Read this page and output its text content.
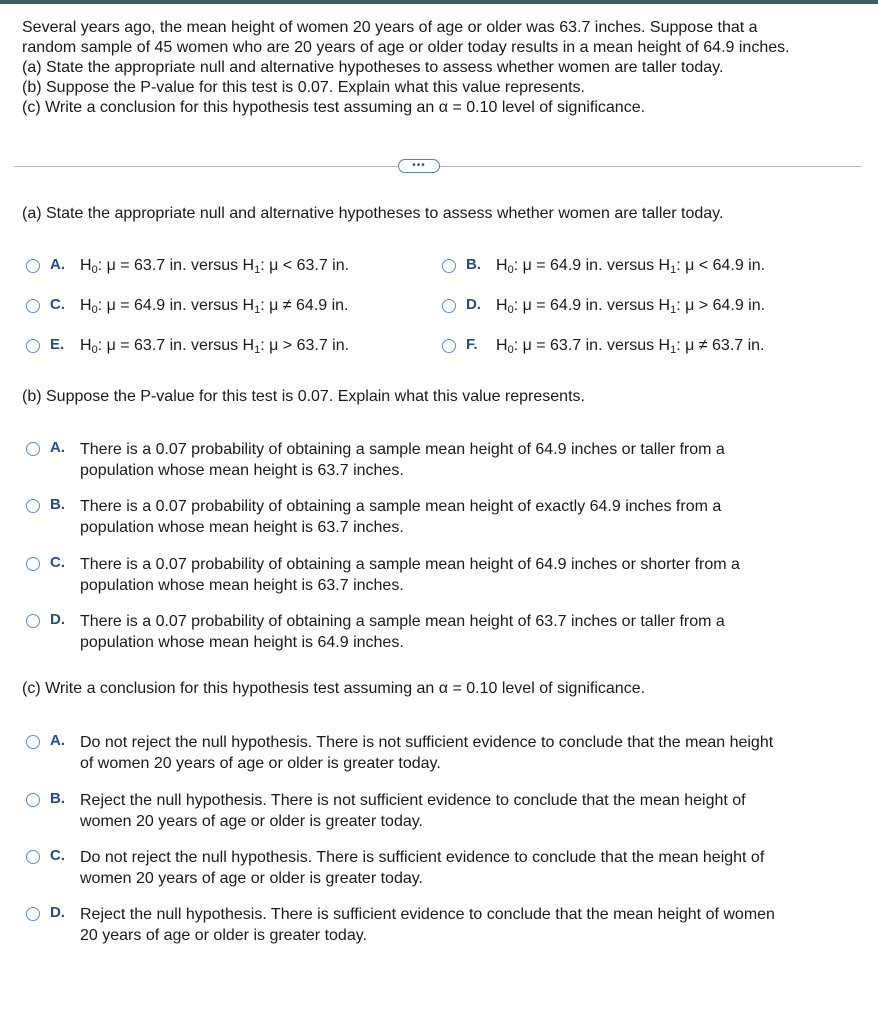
Several years ago, the mean height of women 20 years of age or older was 63.7 inches. Suppose that a
random sample of 45 women who are 20 years of age or older today results in a mean height of 64.9 inches.
(a) State the appropriate null and alternative hypotheses to assess whether women are taller today.
(b) Suppose the P-value for this test is 0.07. Explain what this value represents.
(c) Write a conclusion for this hypothesis test assuming an α = 0.10 level of significance.
•••
(a) State the appropriate null and alternative hypotheses to assess whether women are taller today.
A. $H_0$: μ = 63.7 in. versus $H_1$: μ < 63.7 in.	B. $H_0$: μ = 64.9 in. versus $H_1$: μ < 64.9 in.
C. $H_0$: μ = 64.9 in. versus $H_1$: μ ≠ 64.9 in.	D. $H_0$: μ = 64.9 in. versus $H_1$: μ > 64.9 in.
E. $H_0$: μ = 63.7 in. versus $H_1$: μ > 63.7 in.	F.	$H_0$: μ = 63.7 in. versus $H_1$: μ ≠ 63.7 in.
(b) Suppose the P-value for this test is 0.07. Explain what this value represents.
A. There is a 0.07 probability of obtaining a sample mean height of 64.9 inches or taller from a
population whose mean height is 63.7 inches.
B. There is a 0.07 probability of obtaining a sample mean height of exactly 64.9 inches from a
population whose mean height is 63.7 inches.
C. There is a 0.07 probability of obtaining a sample mean height of 64.9 inches or shorter from a
population whose mean height is 63.7 inches.
D. There is a 0.07 probability of obtaining a sample mean height of 63.7 inches or taller from a
population whose mean height is 64.9 inches.
(c) Write a conclusion for this hypothesis test assuming an α = 0.10 level of significance.
A. Do not reject the null hypothesis. There is not sufficient evidence to conclude that the mean height
of women 20 years of age or older is greater today.
B. Reject the null hypothesis. There is not sufficient evidence to conclude that the mean height of
women 20 years of age or older is greater today.
C. Do not reject the null hypothesis. There is sufficient evidence to conclude that the mean height of
women 20 years of age or older is greater today.
D. Reject the null hypothesis. There is sufficient evidence to conclude that the mean height of women
20 years of age or older is greater today.
